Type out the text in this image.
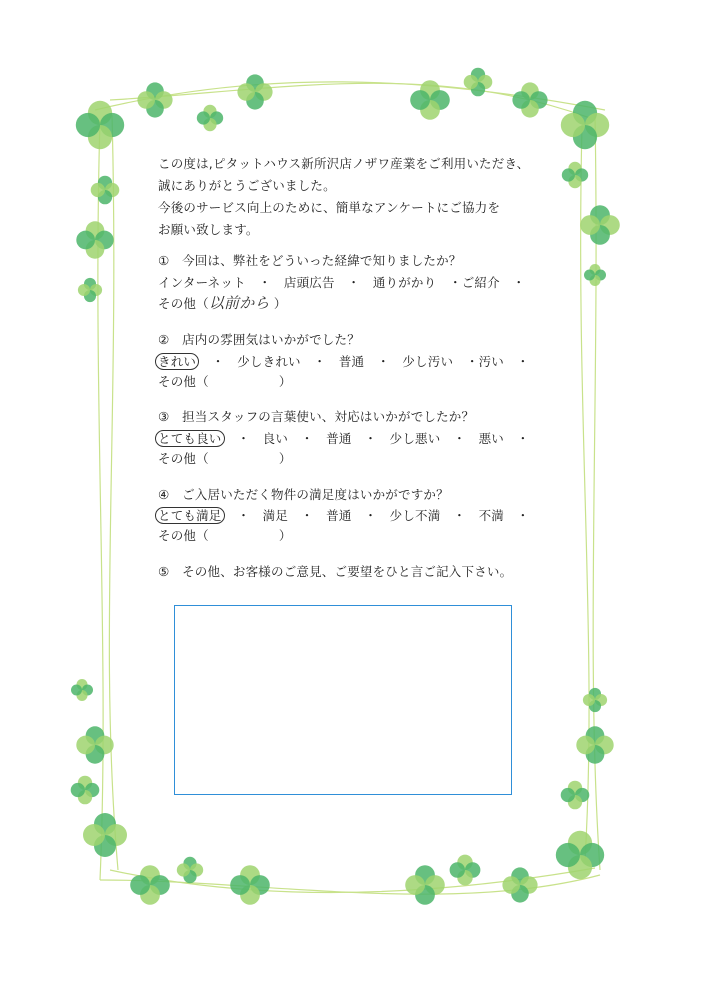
この度は,ピタットハウス新所沢店ノザワ産業をご利用いただき、
誠にありがとうございました。
今後のサービス向上のために、簡単なアンケートにご協力を
お願い致します。
①　今回は、弊社をどういった経緯で知りましたか？
インターネット　・　店頭広告　・　通りがかり　・ご紹介　・
その他（以前から ）
②　店内の雰囲気はいかがでした？
きれい　・　少しきれい　・　普通　・　少し汚い　・汚い　・
その他（	）
③　担当スタッフの言葉使い、対応はいかがでしたか？
とても良い　・　良い　・　普通　・　少し悪い　・　悪い　・
その他（	）
④　ご入居いただく物件の満足度はいかがですか？
とても満足　・　満足　・　普通　・　少し不満　・　不満　・
その他（	）
⑤　その他、お客様のご意見、ご要望をひと言ご記入下さい。
